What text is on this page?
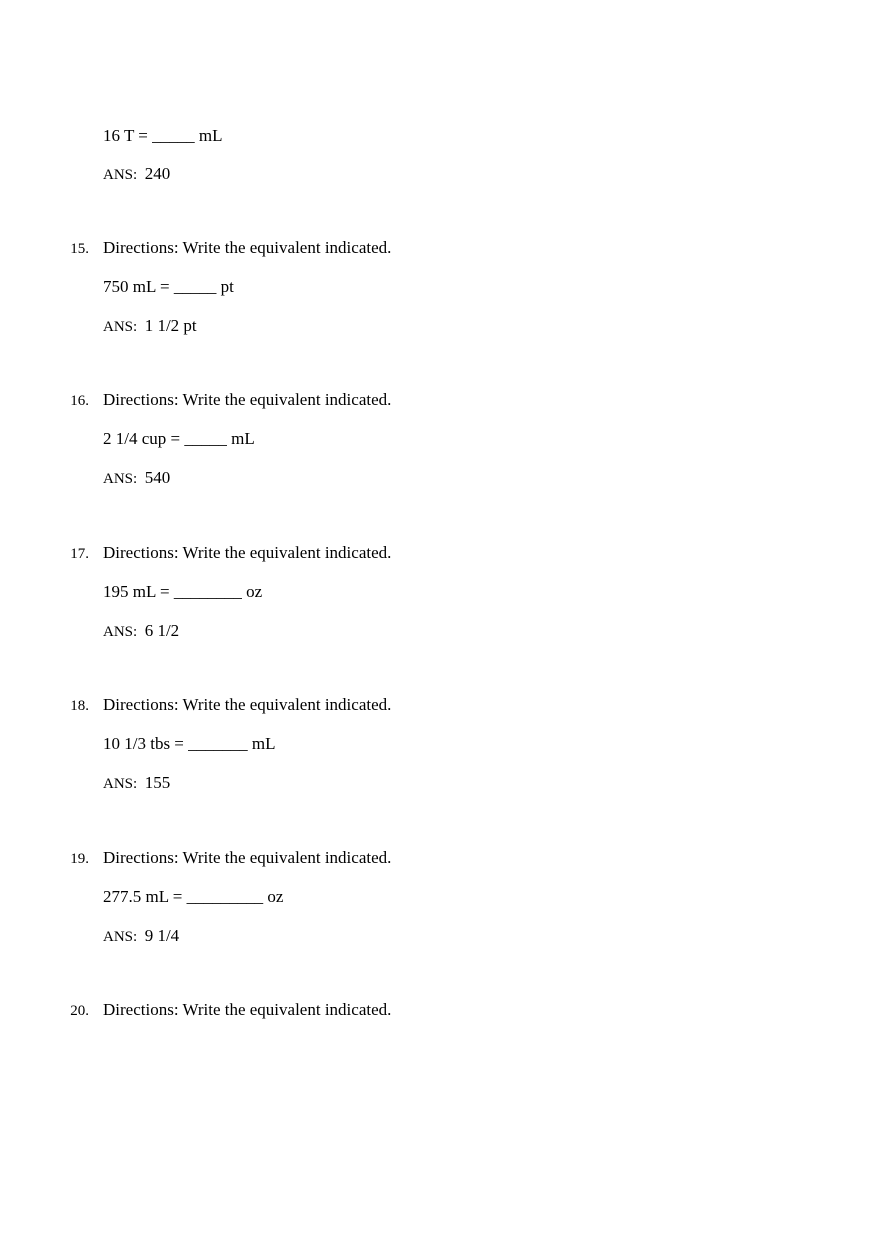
16 T = _____ mL
ANS: 240
15. Directions: Write the equivalent indicated.
750 mL = _____ pt
ANS: 1 1/2 pt
16. Directions: Write the equivalent indicated.
2 1/4 cup = _____ mL
ANS: 540
17. Directions: Write the equivalent indicated.
195 mL = ________ oz
ANS: 6 1/2
18. Directions: Write the equivalent indicated.
10 1/3 tbs = _______ mL
ANS: 155
19. Directions: Write the equivalent indicated.
277.5 mL = _________ oz
ANS: 9 1/4
20. Directions: Write the equivalent indicated.
